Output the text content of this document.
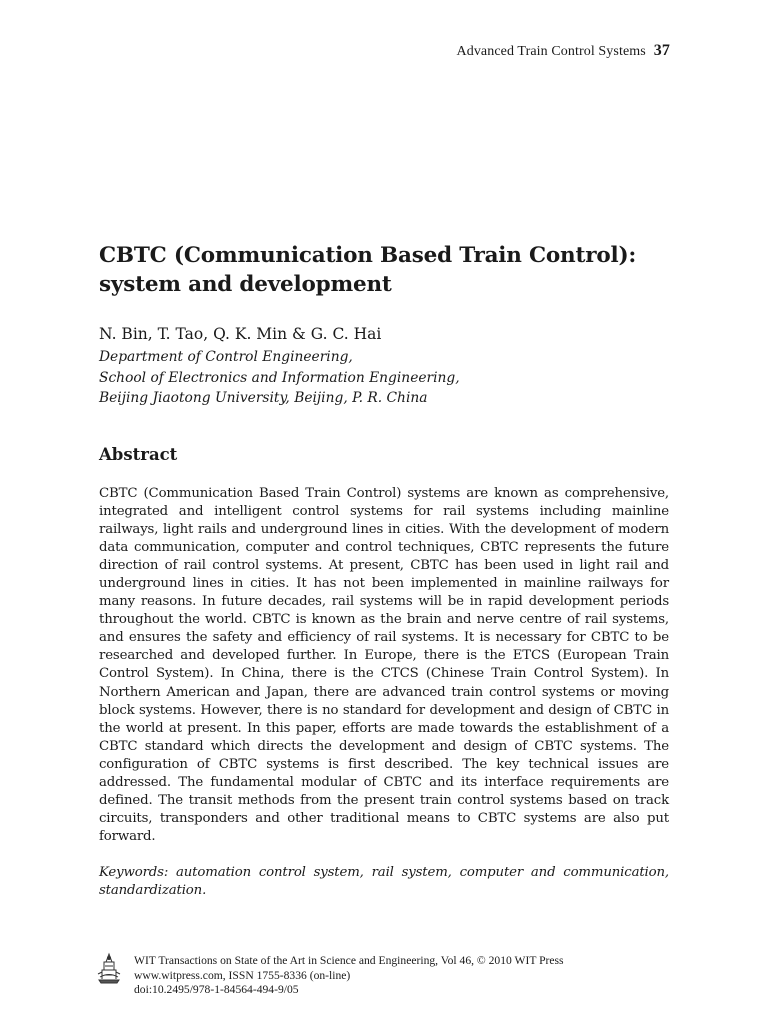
Advanced Train Control Systems 37
CBTC (Communication Based Train Control):
system and development
N. Bin, T. Tao, Q. K. Min & G. C. Hai
Department of Control Engineering,
School of Electronics and Information Engineering,
Beijing Jiaotong University, Beijing, P. R. China
Abstract

CBTC (Communication Based Train Control) systems are known as comprehensive, integrated and intelligent control systems for rail systems including mainline railways, light rails and underground lines in cities. With the development of modern data communication, computer and control techniques, CBTC represents the future direction of rail control systems. At present, CBTC has been used in light rail and underground lines in cities. It has not been implemented in mainline railways for many reasons. In future decades, rail systems will be in rapid development periods throughout the world. CBTC is known as the brain and nerve centre of rail systems, and ensures the safety and efficiency of rail systems. It is necessary for CBTC to be researched and developed further. In Europe, there is the ETCS (European Train Control System). In China, there is the CTCS (Chinese Train Control System). In Northern American and Japan, there are advanced train control systems or moving block systems. However, there is no standard for development and design of CBTC in the world at present. In this paper, efforts are made towards the establishment of a CBTC standard which directs the development and design of CBTC systems. The configuration of CBTC systems is first described. The key technical issues are addressed. The fundamental modular of CBTC and its interface requirements are defined. The transit methods from the present train control systems based on track circuits, transponders and other traditional means to CBTC systems are also put forward.

Keywords: automation control system, rail system, computer and communication, standardization.

WIT Transactions on State of the Art in Science and Engineering, Vol 46, © 2010 WIT Press
www.witpress.com, ISSN 1755-8336 (on-line)
doi:10.2495/978-1-84564-494-9/05
